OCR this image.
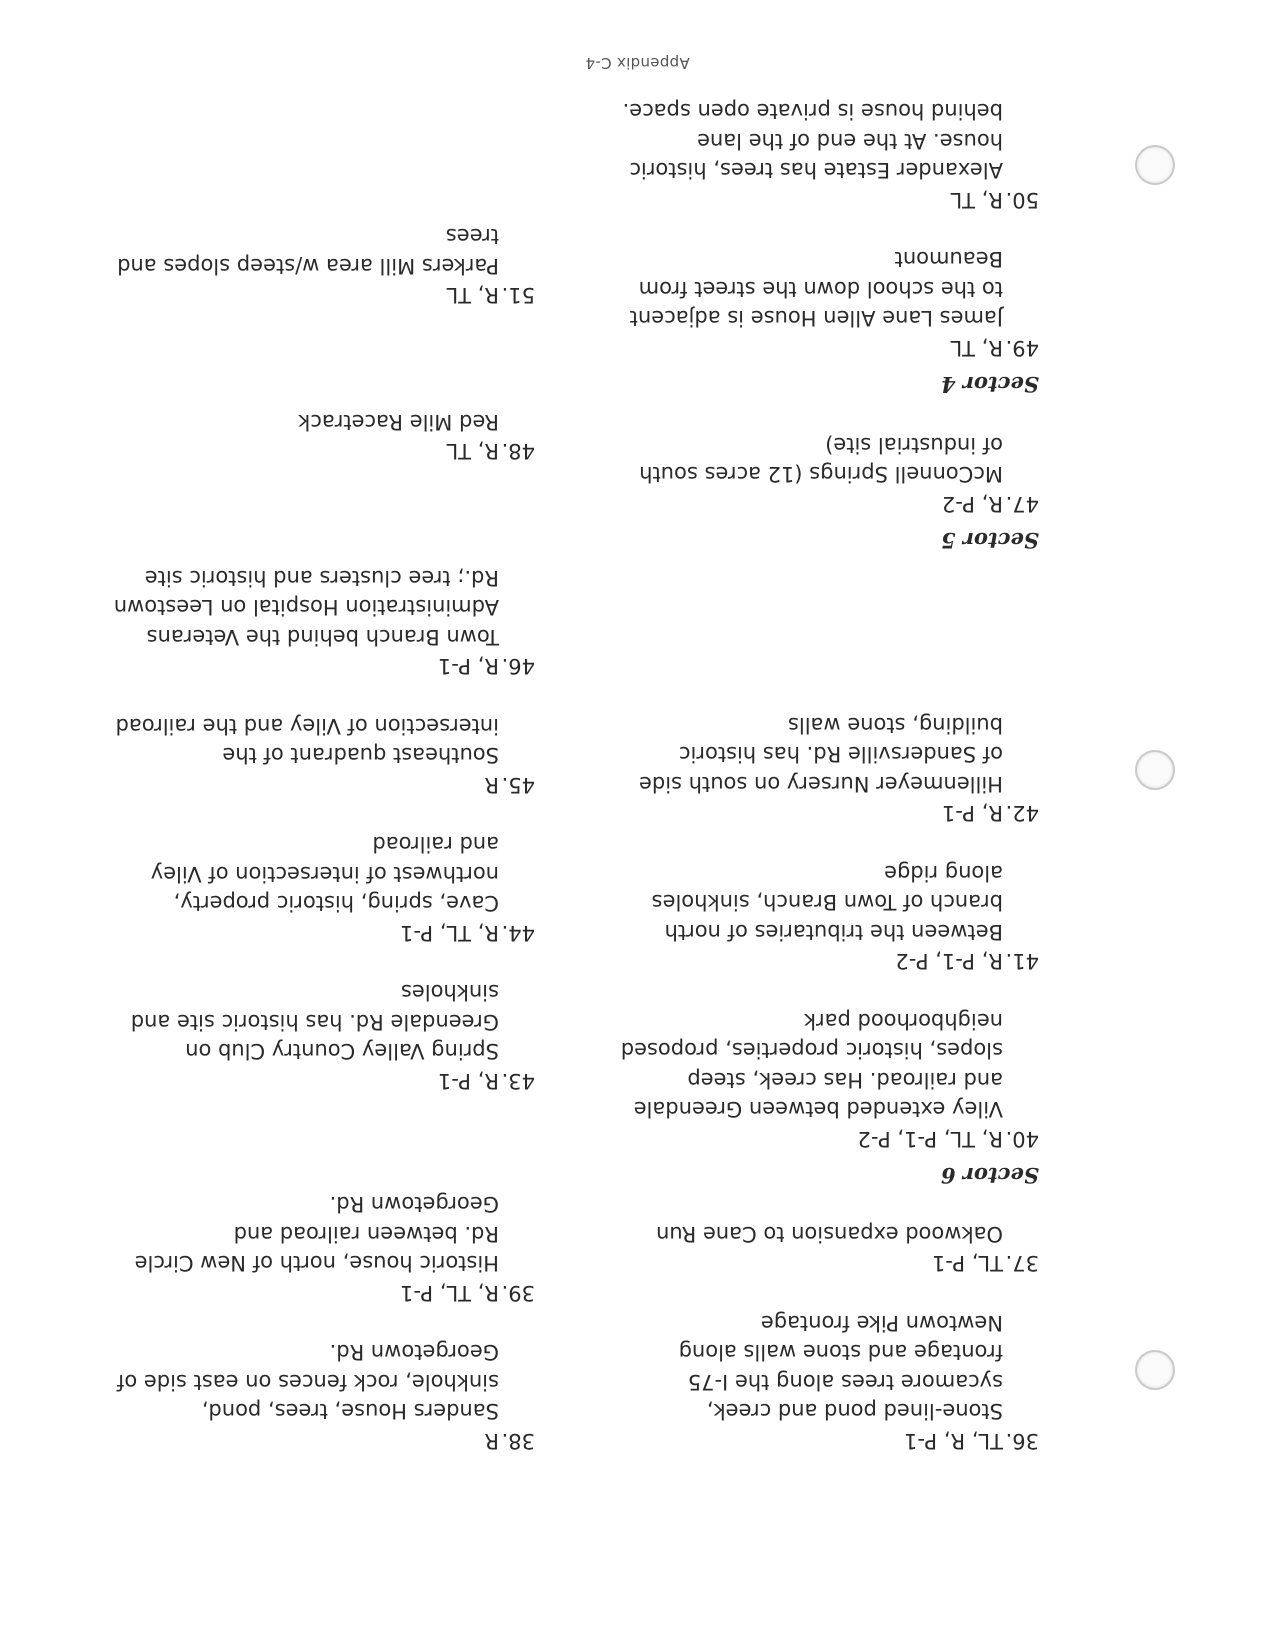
36.
TL, R, P-1

Stone-lined pond and creek,

sycamore trees along the I-75

frontage and stone walls along

Newtown Pike frontage

37.
TL, P-1

Oakwood expansion to Cane Run

Sector 6

40.
R, TL, P-1, P-2

Viley extended between Greendale

and railroad. Has creek, steep

slopes, historic properties, proposed

neighborhood park

41.
R, P-1, P-2

Between the tributaries of north

branch of Town Branch, sinkholes

along ridge

42.
R, P-1

Hillenmeyer Nursery on south side

of Sandersville Rd. has historic

building, stone walls

Sector 5

47.
R, P-2

McConnell Springs (12 acres south

of industrial site)

Sector 4

49.
R, TL

James Lane Allen House is adjacent

to the school down the street from

Beaumont

50.
R, TL

Alexander Estate has trees, historic

house. At the end of the lane

behind house is private open space.

38.
R

Sanders House, trees, pond,

sinkhole, rock fences on east side of

Georgetown Rd.

39.
R, TL, P-1

Historic house, north of New Circle

Rd. between railroad and

Georgetown Rd.

43.
R, P-1

Spring Valley Country Club on

Greendale Rd. has historic site and

sinkholes

44.
R, TL, P-1

Cave, spring, historic property,

northwest of intersection of Viley

and railroad

45.
R

Southeast quadrant of the

intersection of Viley and the railroad

46.
R, P-1

Town Branch behind the Veterans

Administration Hospital on Leestown

Rd.; tree clusters and historic site

48.
R, TL

Red Mile Racetrack

51.
R, TL

Parkers Mill area w/steep slopes and

trees

Appendix C-4
